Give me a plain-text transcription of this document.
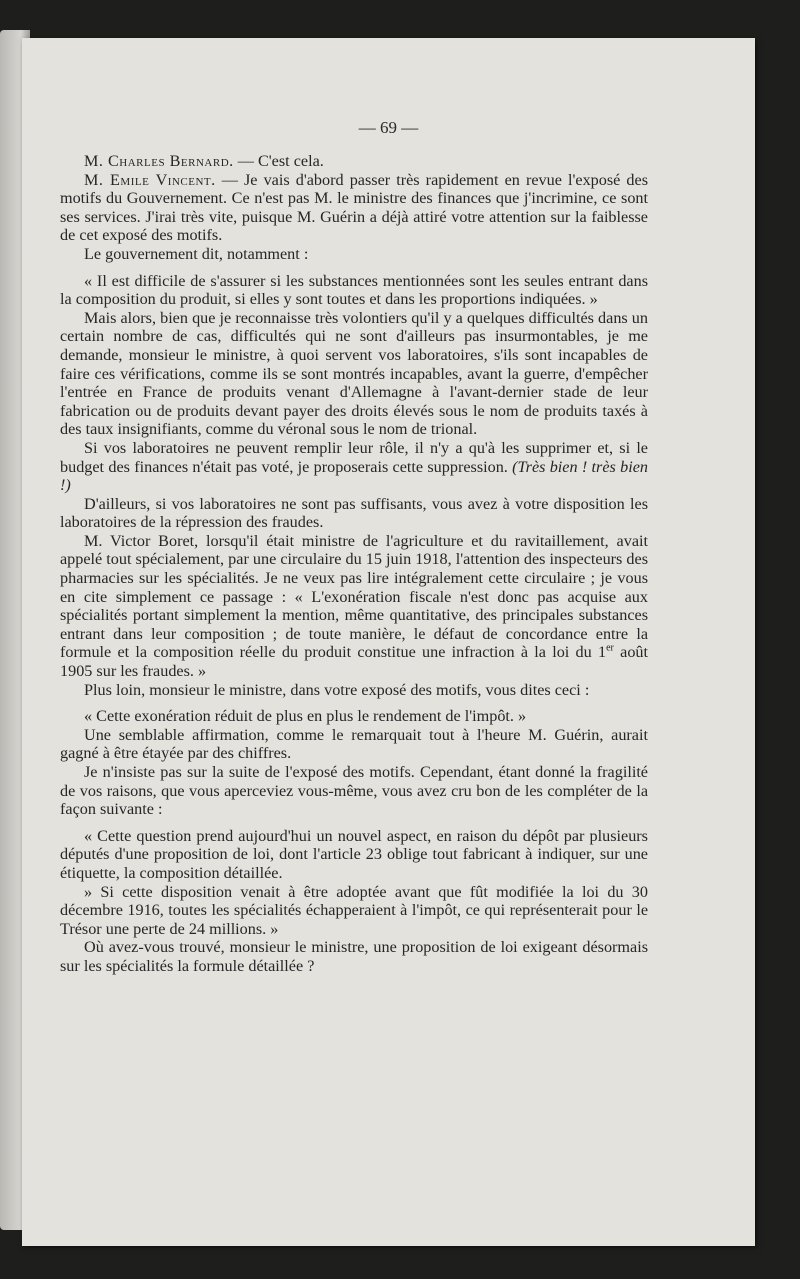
— 69 —

M. Charles Bernard. — C'est cela.

M. Emile Vincent. — Je vais d'abord passer très rapidement en revue l'exposé des motifs du Gouvernement. Ce n'est pas M. le ministre des finances que j'incrimine, ce sont ses services. J'irai très vite, puisque M. Guérin a déjà attiré votre attention sur la faiblesse de cet exposé des motifs.

Le gouvernement dit, notamment :

« Il est difficile de s'assurer si les substances mentionnées sont les seules entrant dans la composition du produit, si elles y sont toutes et dans les proportions indiquées. »

Mais alors, bien que je reconnaisse très volontiers qu'il y a quelques difficultés dans un certain nombre de cas, difficultés qui ne sont d'ailleurs pas insurmontables, je me demande, monsieur le ministre, à quoi servent vos laboratoires, s'ils sont incapables de faire ces vérifications, comme ils se sont montrés incapables, avant la guerre, d'empêcher l'entrée en France de produits venant d'Allemagne à l'avant-dernier stade de leur fabrication ou de produits devant payer des droits élevés sous le nom de produits taxés à des taux insignifiants, comme du véronal sous le nom de trional.

Si vos laboratoires ne peuvent remplir leur rôle, il n'y a qu'à les supprimer et, si le budget des finances n'était pas voté, je proposerais cette suppression. (Très bien ! très bien !)

D'ailleurs, si vos laboratoires ne sont pas suffisants, vous avez à votre disposition les laboratoires de la répression des fraudes.

M. Victor Boret, lorsqu'il était ministre de l'agriculture et du ravitaillement, avait appelé tout spécialement, par une circulaire du 15 juin 1918, l'attention des inspecteurs des pharmacies sur les spécialités. Je ne veux pas lire intégralement cette circulaire ; je vous en cite simplement ce passage : « L'exonération fiscale n'est donc pas acquise aux spécialités portant simplement la mention, même quantitative, des principales substances entrant dans leur composition ; de toute manière, le défaut de concordance entre la formule et la composition réelle du produit constitue une infraction à la loi du 1er août 1905 sur les fraudes. »

Plus loin, monsieur le ministre, dans votre exposé des motifs, vous dites ceci :

« Cette exonération réduit de plus en plus le rendement de l'impôt. »

Une semblable affirmation, comme le remarquait tout à l'heure M. Guérin, aurait gagné à être étayée par des chiffres.

Je n'insiste pas sur la suite de l'exposé des motifs. Cependant, étant donné la fragilité de vos raisons, que vous aperceviez vous-même, vous avez cru bon de les compléter de la façon suivante :

« Cette question prend aujourd'hui un nouvel aspect, en raison du dépôt par plusieurs députés d'une proposition de loi, dont l'article 23 oblige tout fabricant à indiquer, sur une étiquette, la composition détaillée.

» Si cette disposition venait à être adoptée avant que fût modifiée la loi du 30 décembre 1916, toutes les spécialités échapperaient à l'impôt, ce qui représenterait pour le Trésor une perte de 24 millions. »

Où avez-vous trouvé, monsieur le ministre, une proposition de loi exigeant désormais sur les spécialités la formule détaillée ?
